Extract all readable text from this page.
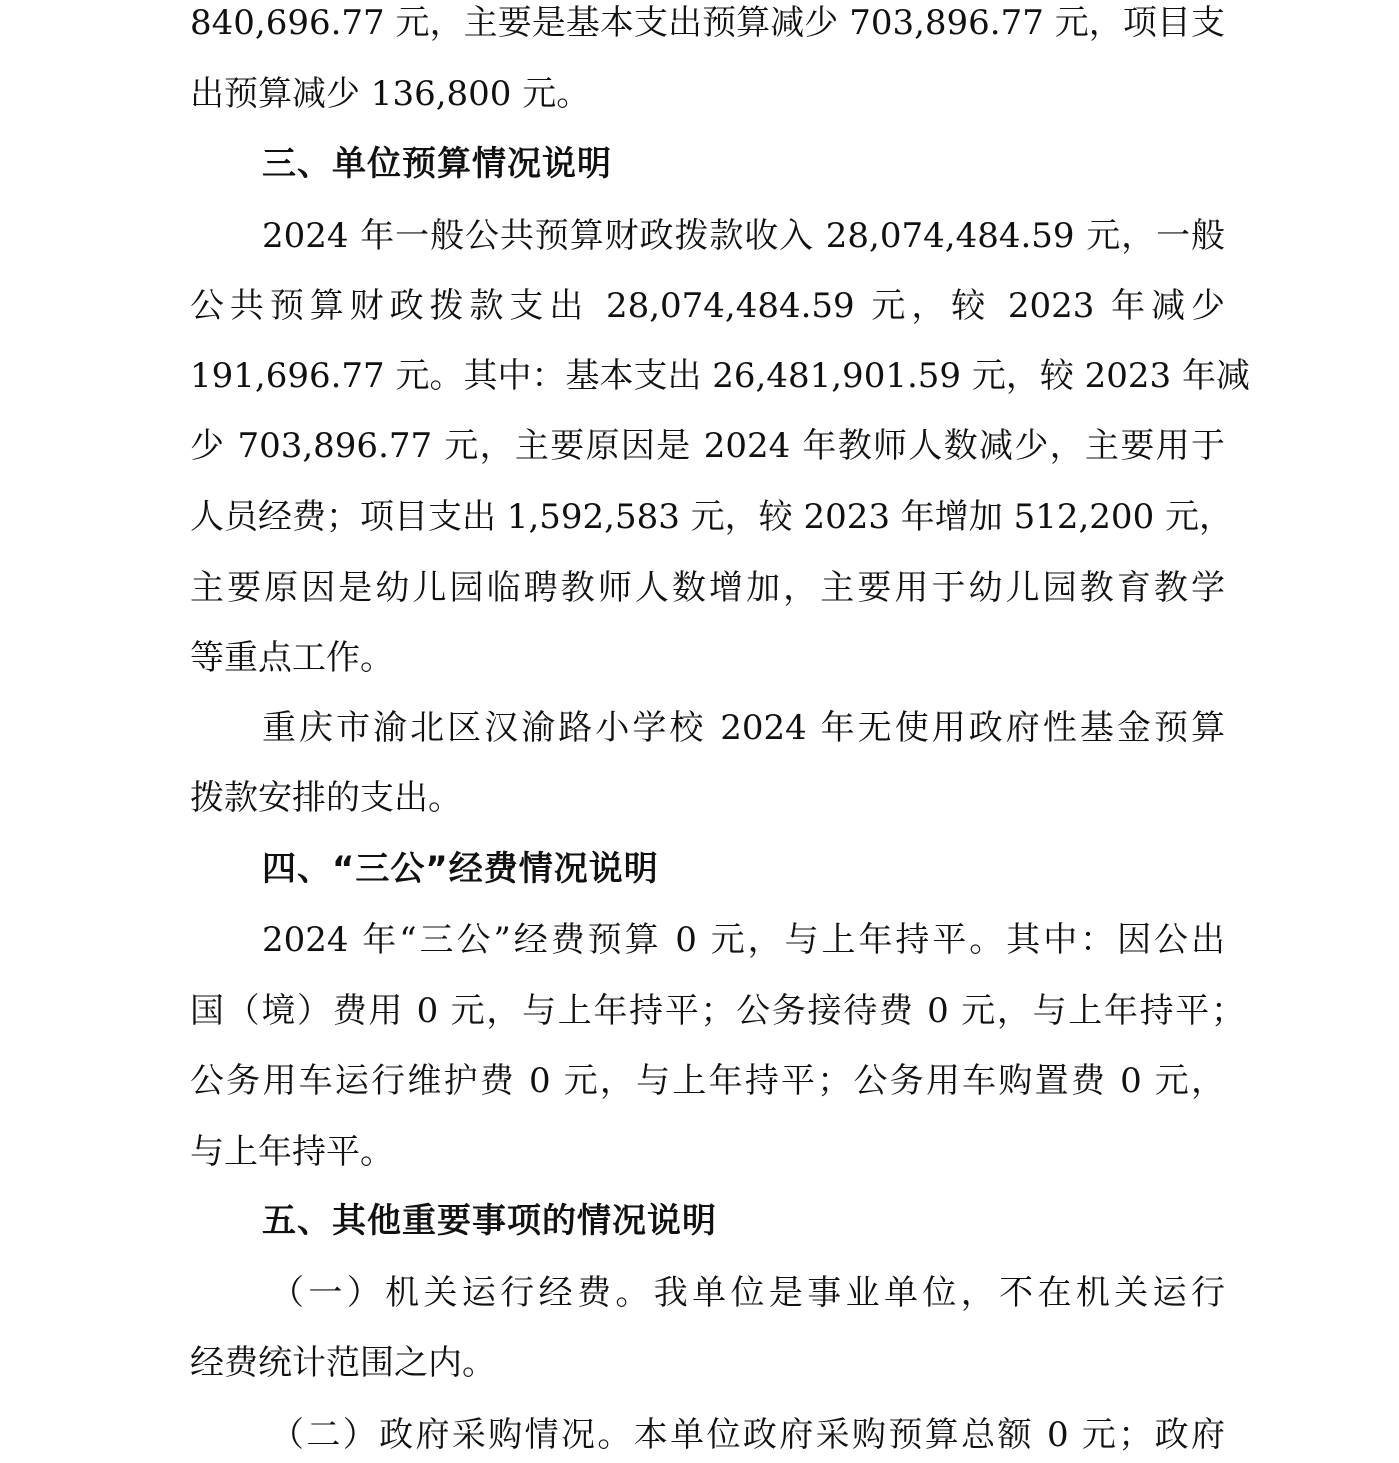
840,696.77 元，主要是基本支出预算减少 703,896.77 元，项目支
出预算减少 136,800 元。
三、单位预算情况说明
2024 年一般公共预算财政拨款收入 28,074,484.59 元，一般
公共预算财政拨款支出 28,074,484.59 元，较 2023 年减少
191,696.77 元。其中：基本支出 26,481,901.59 元，较 2023 年减
少 703,896.77 元，主要原因是 2024 年教师人数减少，主要用于
人员经费；项目支出 1,592,583 元，较 2023 年增加 512,200 元，
主要原因是幼儿园临聘教师人数增加，主要用于幼儿园教育教学
等重点工作。
重庆市渝北区汉渝路小学校 2024 年无使用政府性基金预算
拨款安排的支出。
四、“三公”经费情况说明
2024 年“三公”经费预算 0 元，与上年持平。其中：因公出
国（境）费用 0 元，与上年持平；公务接待费 0 元，与上年持平；
公务用车运行维护费 0 元，与上年持平；公务用车购置费 0 元，
与上年持平。
五、其他重要事项的情况说明
（一）机关运行经费。我单位是事业单位，不在机关运行
经费统计范围之内。
（二）政府采购情况。本单位政府采购预算总额 0 元；政府
